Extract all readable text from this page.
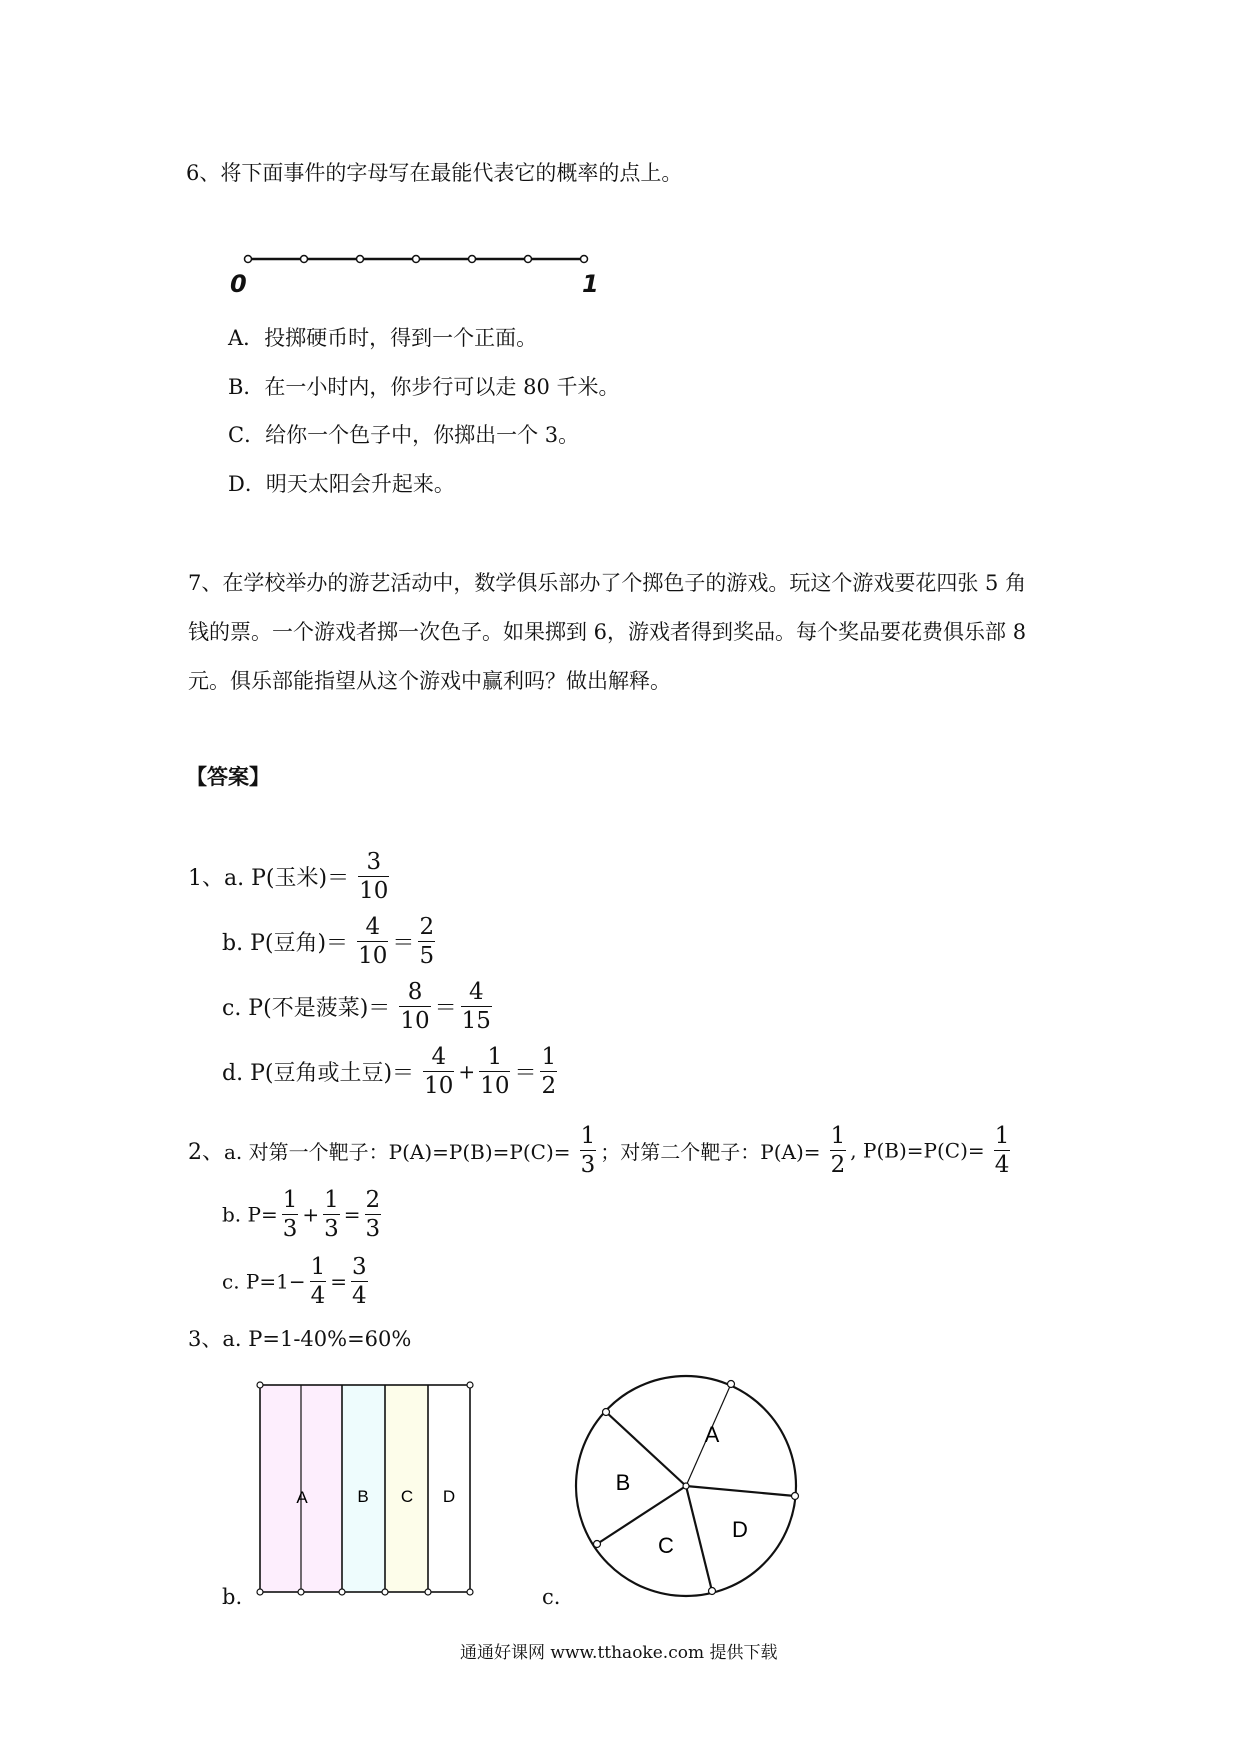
6、将下面事件的字母写在最能代表它的概率的点上。
0	1
A．投掷硬币时，得到一个正面。
B．在一小时内，你步行可以走 80 千米。
C．给你一个色子中，你掷出一个 3。
D．明天太阳会升起来。
7、在学校举办的游艺活动中，数学俱乐部办了个掷色子的游戏。玩这个游戏要花四张 5 角
钱的票。一个游戏者掷一次色子。如果掷到 6，游戏者得到奖品。每个奖品要花费俱乐部 8
元。俱乐部能指望从这个游戏中赢利吗？做出解释。
【答案】
1、a. P(玉米)＝ $\frac{3}{10}$
b. P(豆角)＝ $\frac{4}{10} = \frac{2}{5}$
c. P(不是菠菜)＝ $\frac{8}{10} = \frac{4}{15}$
d. P(豆角或土豆)＝ $\frac{4}{10} + \frac{1}{10} = \frac{1}{2}$
2、a. 对第一个靶子：$P(A)=P(B)=P(C)= \frac{1}{3}$ ；对第二个靶子：$P(A)= \frac{1}{2}$ , $P(B)=P(C)= \frac{1}{4}$
b. $P= \frac{1}{3} + \frac{1}{3} = \frac{2}{3}$
c. $P=1- \frac{1}{4} = \frac{3}{4}$
3、a. P=1-40%=60%
A	B C D
A
B
C
D
b.	c.
通通好课网 www.tthaoke.com 提供下载
